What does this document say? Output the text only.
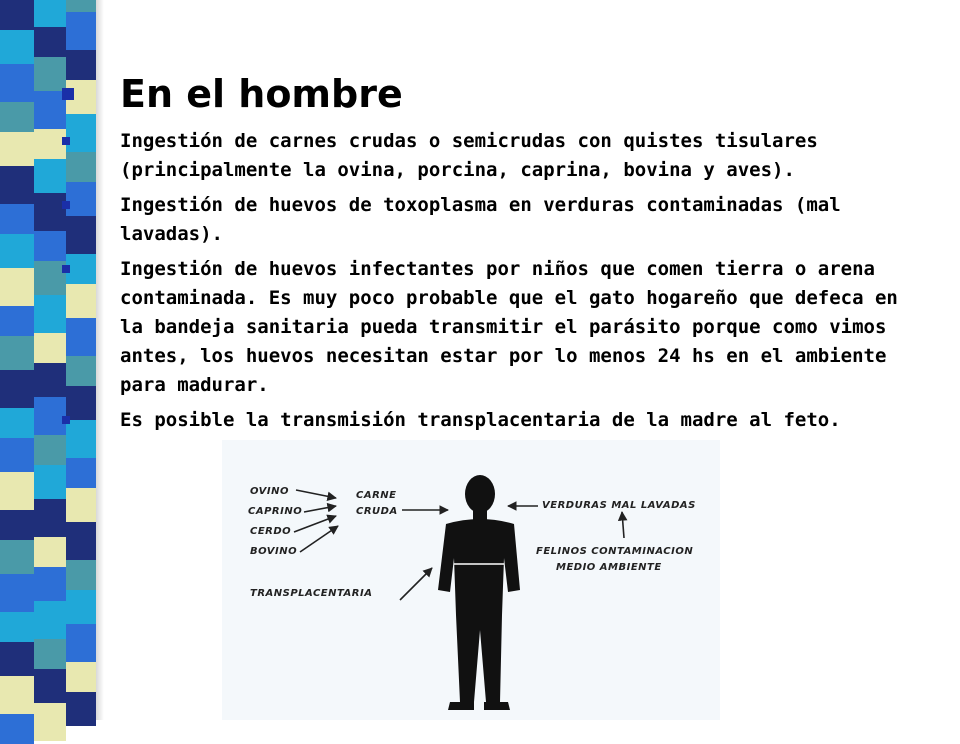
En el hombre
Ingestión de carnes crudas o semicrudas con quistes tisulares (principalmente la ovina, porcina, caprina, bovina y aves).
Ingestión de huevos de toxoplasma en verduras contaminadas (mal lavadas).
Ingestión de huevos infectantes por niños que comen tierra o arena contaminada. Es muy poco probable que el gato hogareño que defeca en la bandeja sanitaria pueda transmitir el parásito porque como vimos antes, los huevos necesitan estar por lo menos 24 hs en el ambiente para madurar.
Es posible la transmisión transplacentaria de la madre al feto.
OVINO
CAPRINO
CERDO
BOVINO
CARNE
CRUDA
VERDURAS MAL LAVADAS
FELINOS CONTAMINACION
MEDIO AMBIENTE
TRANSPLACENTARIA
